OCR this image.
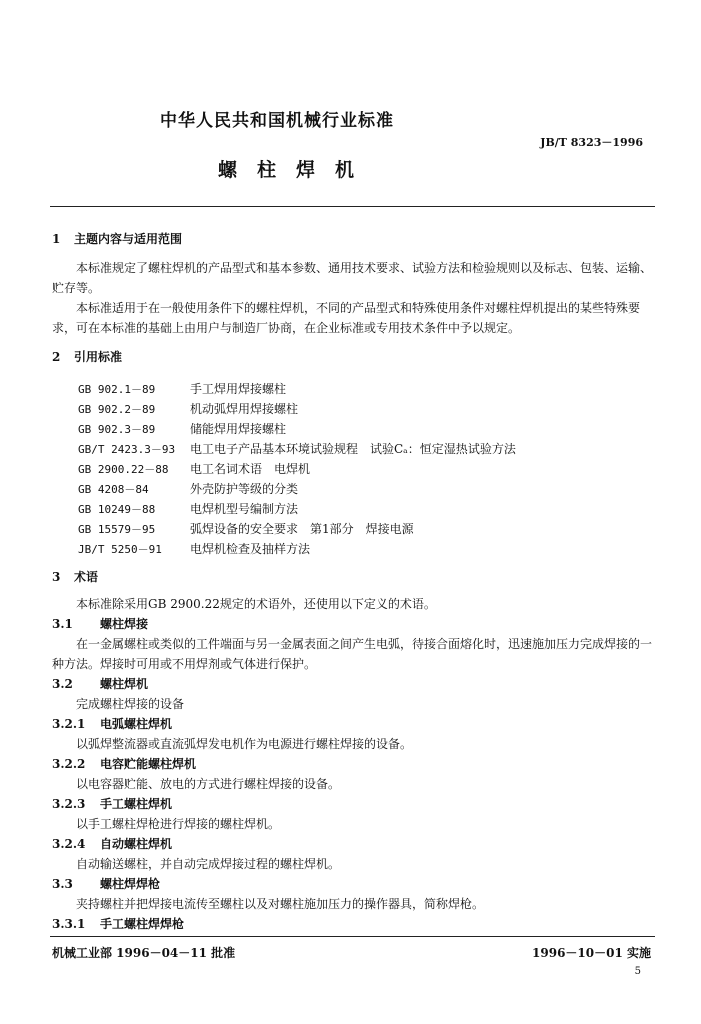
中华人民共和国机械行业标准
JB/T 8323－1996
螺柱焊机
1 主题内容与适用范围
本标准规定了螺柱焊机的产品型式和基本参数、通用技术要求、试验方法和检验规则以及标志、包装、运输、贮存等。
本标准适用于在一般使用条件下的螺柱焊机，不同的产品型式和特殊使用条件对螺柱焊机提出的某些特殊要求，可在本标准的基础上由用户与制造厂协商，在企业标准或专用技术条件中予以规定。
2 引用标准
GB 902.1－89	手工焊用焊接螺柱
GB 902.2－89	机动弧焊用焊接螺柱
GB 902.3－89	储能焊用焊接螺柱
GB/T 2423.3－93 电工电子产品基本环境试验规程　试验Cₐ：恒定湿热试验方法
GB 2900.22－88 电工名词术语　电焊机
GB 4208－84	外壳防护等级的分类
GB 10249－88	电焊机型号编制方法
GB 15579－95	弧焊设备的安全要求　第1部分　焊接电源
JB/T 5250－91 电焊机检查及抽样方法
3 术语
本标准除采用GB 2900.22规定的术语外，还使用以下定义的术语。
3.1 螺柱焊接
在一金属螺柱或类似的工件端面与另一金属表面之间产生电弧，待接合面熔化时，迅速施加压力完成焊接的一种方法。焊接时可用或不用焊剂或气体进行保护。
3.2 螺柱焊机
完成螺柱焊接的设备
3.2.1 电弧螺柱焊机
以弧焊整流器或直流弧焊发电机作为电源进行螺柱焊接的设备。
3.2.2 电容贮能螺柱焊机
以电容器贮能、放电的方式进行螺柱焊接的设备。
3.2.3 手工螺柱焊机
以手工螺柱焊枪进行焊接的螺柱焊机。
3.2.4 自动螺柱焊机
自动输送螺柱，并自动完成焊接过程的螺柱焊机。
3.3 螺柱焊焊枪
夹持螺柱并把焊接电流传至螺柱以及对螺柱施加压力的操作器具，简称焊枪。
3.3.1 手工螺柱焊焊枪
机械工业部 1996－04－11 批准	1996－10－01 实施
5
